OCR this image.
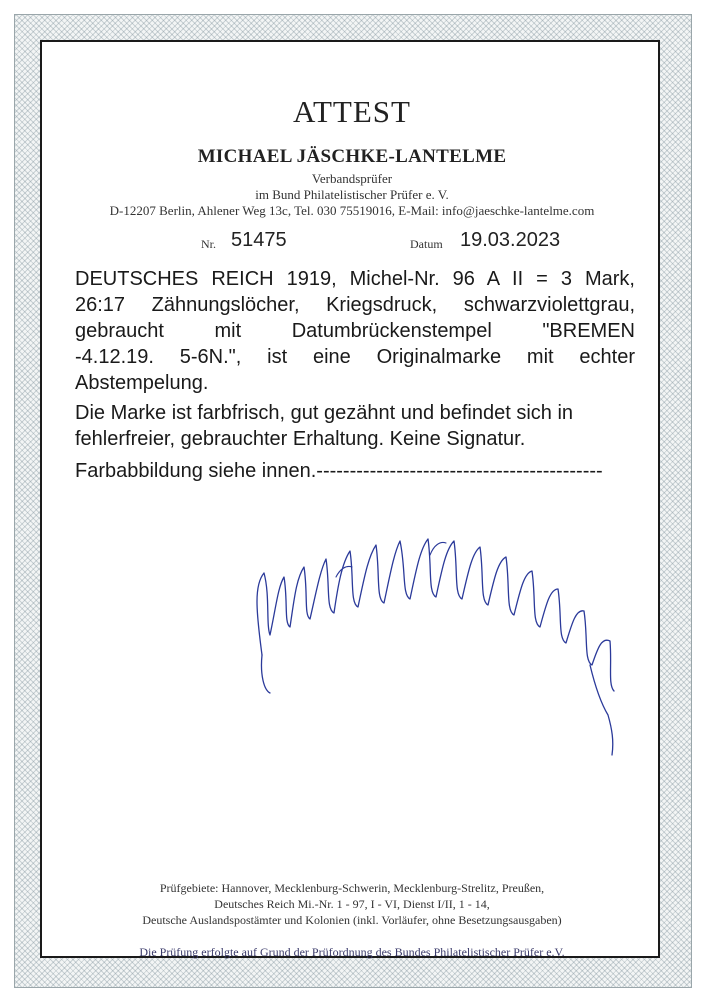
ATTEST
MICHAEL JÄSCHKE-LANTELME
Verbandsprüfer
im Bund Philatelistischer Prüfer e. V.
D-12207 Berlin, Ahlener Weg 13c, Tel. 030 75519016, E-Mail: info@jaeschke-lantelme.com
Nr. 51475	Datum 19.03.2023
DEUTSCHES REICH 1919, Michel-Nr. 96 A II = 3 Mark,
26:17 Zähnungslöcher, Kriegsdruck, schwarzviolettgrau,
gebraucht mit Datumbrückenstempel "BREMEN
-4.12.19. 5-6N.", ist eine Originalmarke mit echter
Abstempelung.
Die Marke ist farbfrisch, gut gezähnt und befindet sich in
fehlerfreier, gebrauchter Erhaltung. Keine Signatur.
Farbabbildung siehe innen.-------------------------------------------
Prüfgebiete: Hannover, Mecklenburg-Schwerin, Mecklenburg-Strelitz, Preußen,
Deutsches Reich Mi.-Nr. 1 - 97, I - VI, Dienst I/II, 1 - 14,
Deutsche Auslandspostämter und Kolonien (inkl. Vorläufer, ohne Besetzungsausgaben)
Die Prüfung erfolgte auf Grund der Prüfordnung des Bundes Philatelistischer Prüfer e.V.
